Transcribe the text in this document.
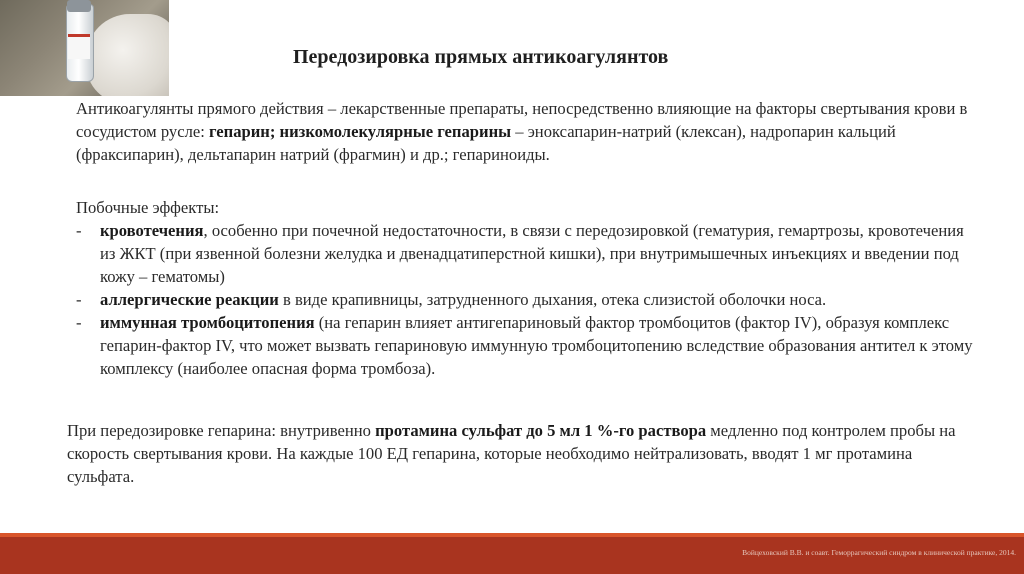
Передозировка прямых антикоагулянтов

Антикоагулянты прямого действия – лекарственные препараты, непосредственно влияющие на факторы свертывания крови в сосудистом русле: гепарин; низкомолекулярные гепарины – эноксапарин-натрий (клексан), надропарин кальций (фраксипарин), дельтапарин натрий (фрагмин) и др.; гепариноиды.

Побочные эффекты:

- кровотечения, особенно при почечной недостаточности, в связи с передозировкой (гематурия, гемартрозы, кровотечения из ЖКТ (при язвенной болезни желудка и двенадцатиперстной кишки), при внутримышечных инъекциях и введении под кожу – гематомы)
- аллергические реакции в виде крапивницы, затрудненного дыхания, отека слизистой оболочки носа.
- иммунная тромбоцитопения (на гепарин влияет антигепариновый фактор тромбоцитов (фактор IV), образуя комплекс гепарин-фактор IV, что может вызвать гепариновую иммунную тромбоцитопению вследствие образования антител к этому комплексу (наиболее опасная форма тромбоза).

При передозировке гепарина: внутривенно протамина сульфат до 5 мл 1 %-го раствора медленно под контролем пробы на скорость свертывания крови. На каждые 100 ЕД гепарина, которые необходимо нейтрализовать, вводят 1 мг протамина сульфата.

Войцеховский В.В. и соавт. Геморрагический синдром в клинической практике, 2014.
